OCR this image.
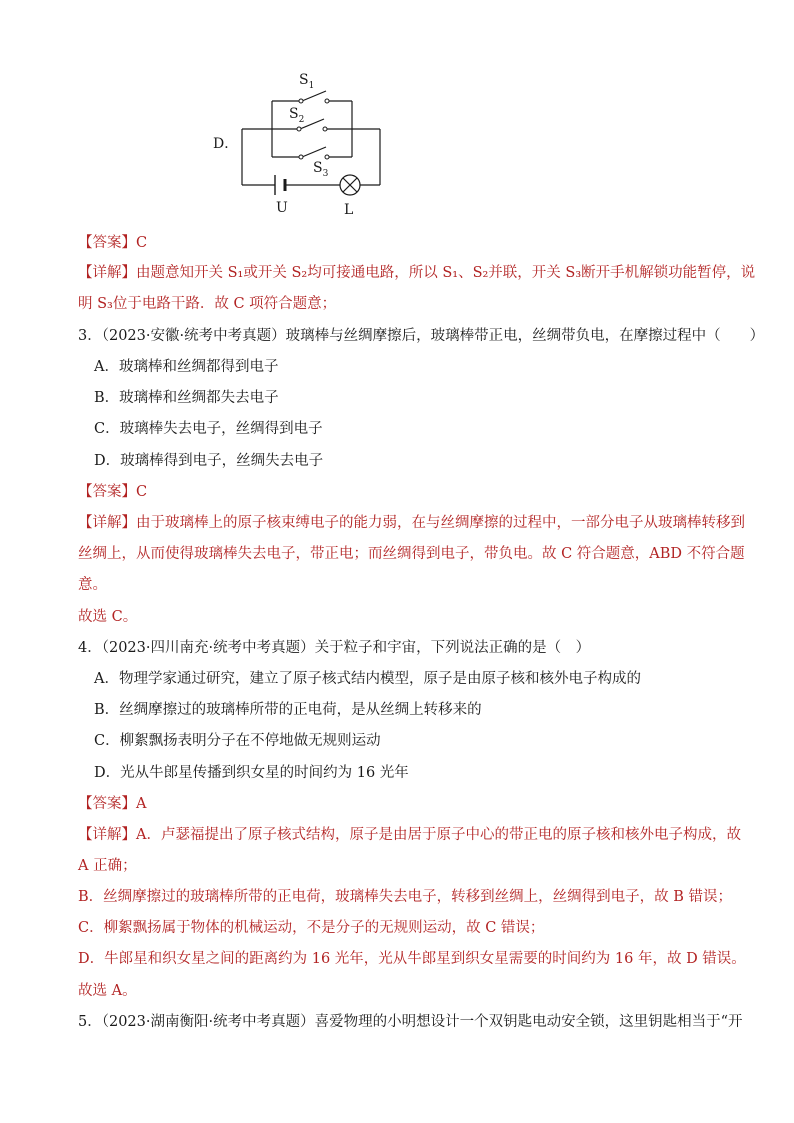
D．
$S_1$
$S_2$
$S_3$
U	L
【答案】C
【详解】由题意知开关 S₁或开关 S₂均可接通电路，所以 S₁、S₂并联，开关 S₃断开手机解锁功能暂停，说
明 S₃位于电路干路．故 C 项符合题意；
3．（2023·安徽·统考中考真题）玻璃棒与丝绸摩擦后，玻璃棒带正电，丝绸带负电，在摩擦过程中（　　）
A．玻璃棒和丝绸都得到电子
B．玻璃棒和丝绸都失去电子
C．玻璃棒失去电子，丝绸得到电子
D．玻璃棒得到电子，丝绸失去电子
【答案】C
【详解】由于玻璃棒上的原子核束缚电子的能力弱，在与丝绸摩擦的过程中，一部分电子从玻璃棒转移到
丝绸上，从而使得玻璃棒失去电子，带正电；而丝绸得到电子，带负电。故 C 符合题意，ABD 不符合题
意。
故选 C。
4．（2023·四川南充·统考中考真题）关于粒子和宇宙，下列说法正确的是（　）
A．物理学家通过研究，建立了原子核式结内模型，原子是由原子核和核外电子构成的
B．丝绸摩擦过的玻璃棒所带的正电荷，是从丝绸上转移来的
C．柳絮飘扬表明分子在不停地做无规则运动
D．光从牛郎星传播到织女星的时间约为 16 光年
【答案】A
【详解】A．卢瑟福提出了原子核式结构，原子是由居于原子中心的带正电的原子核和核外电子构成，故
A 正确；
B．丝绸摩擦过的玻璃棒所带的正电荷，玻璃棒失去电子，转移到丝绸上，丝绸得到电子，故 B 错误；
C．柳絮飘扬属于物体的机械运动，不是分子的无规则运动，故 C 错误；
D．牛郎星和织女星之间的距离约为 16 光年，光从牛郎星到织女星需要的时间约为 16 年，故 D 错误。
故选 A。
5．（2023·湖南衡阳·统考中考真题）喜爱物理的小明想设计一个双钥匙电动安全锁，这里钥匙相当于“开
